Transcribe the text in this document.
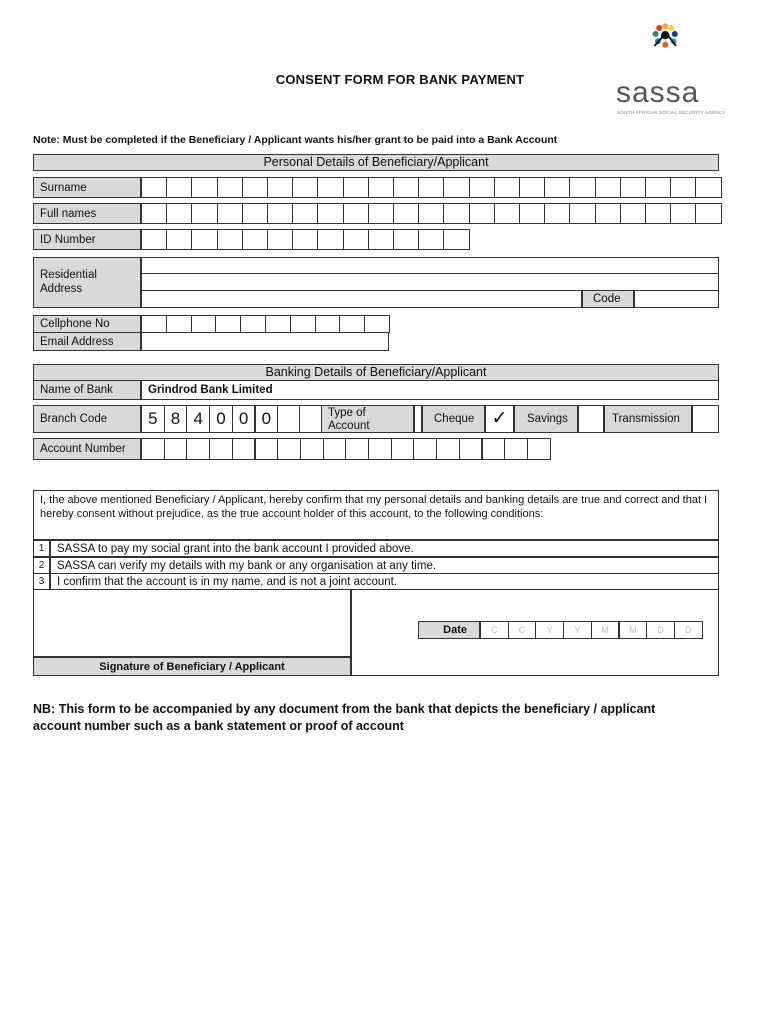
CONSENT FORM FOR BANK PAYMENT	sassa
SOUTH AFRICAN SOCIAL SECURITY AGENCY
Note: Must be completed if the Beneficiary / Applicant wants his/her grant to be paid into a Bank Account
Personal Details of Beneficiary/Applicant
Surname
Full names
ID Number
Residential
Address
Code
Cellphone No
Email Address
Banking Details of Beneficiary/Applicant
Name of Bank	Grindrod Bank Limited
Branch Code	5 8 4 0 0 0	Type of
Account
Cheque ✓	Savings	Transmission
Account Number
I, the above mentioned Beneficiary / Applicant, hereby confirm that my personal details and banking details are true and correct and that I hereby consent without prejudice, as the true account holder of this account, to the following conditions:
1	SASSA to pay my social grant into the bank account I provided above.
2	SASSA can verify my details with my bank or any organisation at any time.
3	I confirm that the account is in my name, and is not a joint account.
Signature of Beneficiary / Applicant
Date	C	C	Y	Y	M	M	D	D
NB: This form to be accompanied by any document from the bank that depicts the beneficiary / applicant account number such as a bank statement or proof of account
